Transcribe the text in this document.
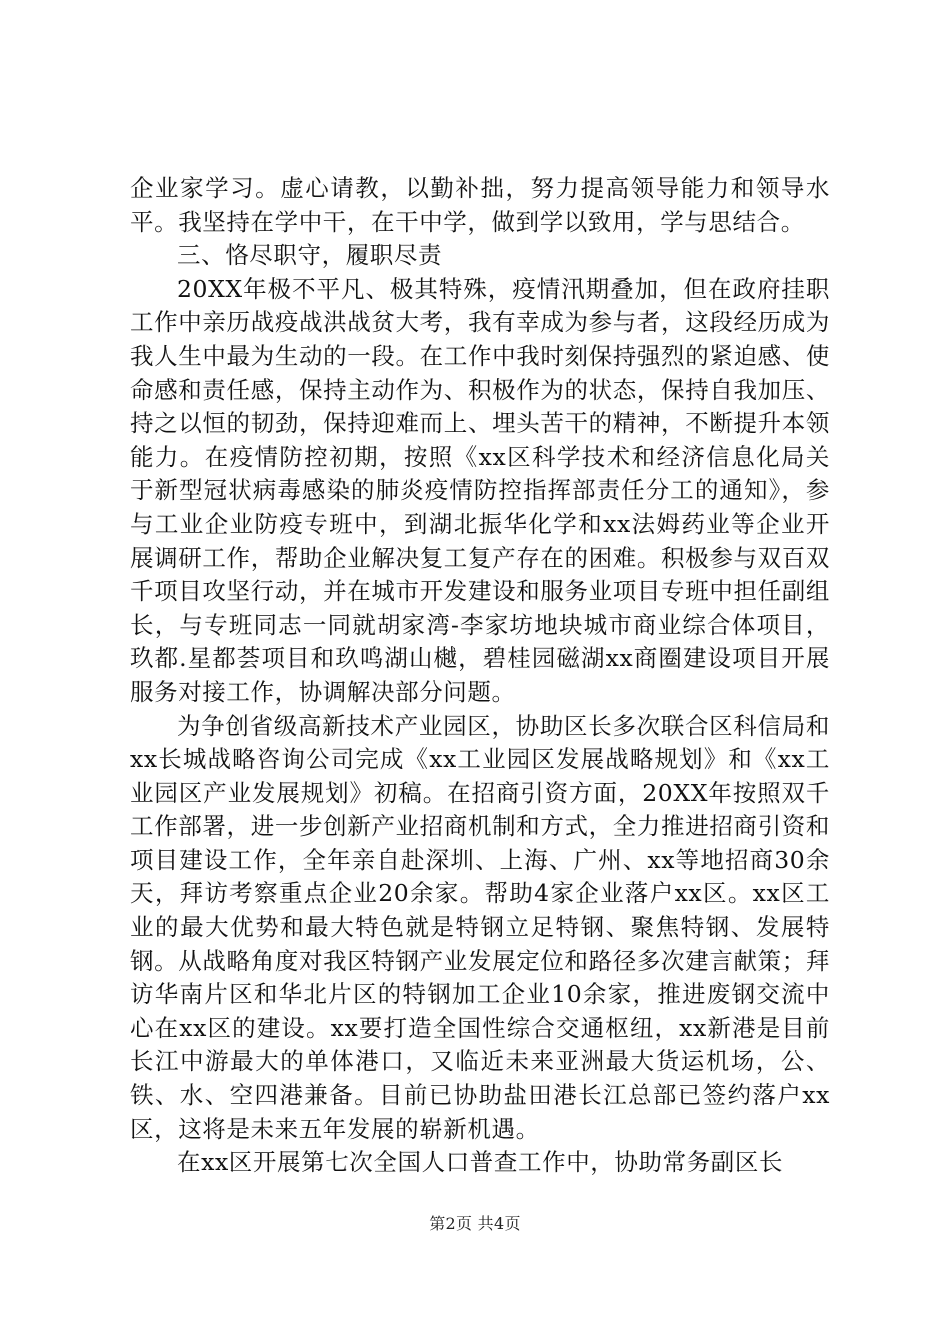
企业家学习。虚心请教，以勤补拙，努力提高领导能力和领导水平。我坚持在学中干，在干中学，做到学以致用，学与思结合。

三、恪尽职守，履职尽责

20XX年极不平凡、极其特殊，疫情汛期叠加，但在政府挂职工作中亲历战疫战洪战贫大考，我有幸成为参与者，这段经历成为我人生中最为生动的一段。在工作中我时刻保持强烈的紧迫感、使命感和责任感，保持主动作为、积极作为的状态，保持自我加压、持之以恒的韧劲，保持迎难而上、埋头苦干的精神，不断提升本领能力。在疫情防控初期，按照《xx区科学技术和经济信息化局关于新型冠状病毒感染的肺炎疫情防控指挥部责任分工的通知》，参与工业企业防疫专班中，到湖北振华化学和xx法姆药业等企业开展调研工作，帮助企业解决复工复产存在的困难。积极参与双百双千项目攻坚行动，并在城市开发建设和服务业项目专班中担任副组长，与专班同志一同就胡家湾-李家坊地块城市商业综合体项目，玖都.星都荟项目和玖鸣湖山樾，碧桂园磁湖xx商圈建设项目开展服务对接工作，协调解决部分问题。

为争创省级高新技术产业园区，协助区长多次联合区科信局和xx长城战略咨询公司完成《xx工业园区发展战略规划》和《xx工业园区产业发展规划》初稿。在招商引资方面，20XX年按照双千工作部署，进一步创新产业招商机制和方式，全力推进招商引资和项目建设工作，全年亲自赴深圳、上海、广州、xx等地招商30余天，拜访考察重点企业20余家。帮助4家企业落户xx区。xx区工业的最大优势和最大特色就是特钢立足特钢、聚焦特钢、发展特钢。从战略角度对我区特钢产业发展定位和路径多次建言献策；拜访华南片区和华北片区的特钢加工企业10余家，推进废钢交流中心在xx区的建设。xx要打造全国性综合交通枢纽，xx新港是目前长江中游最大的单体港口，又临近未来亚洲最大货运机场，公、铁、水、空四港兼备。目前已协助盐田港长江总部已签约落户xx区，这将是未来五年发展的崭新机遇。

在xx区开展第七次全国人口普查工作中，协助常务副区长

第2页 共4页
